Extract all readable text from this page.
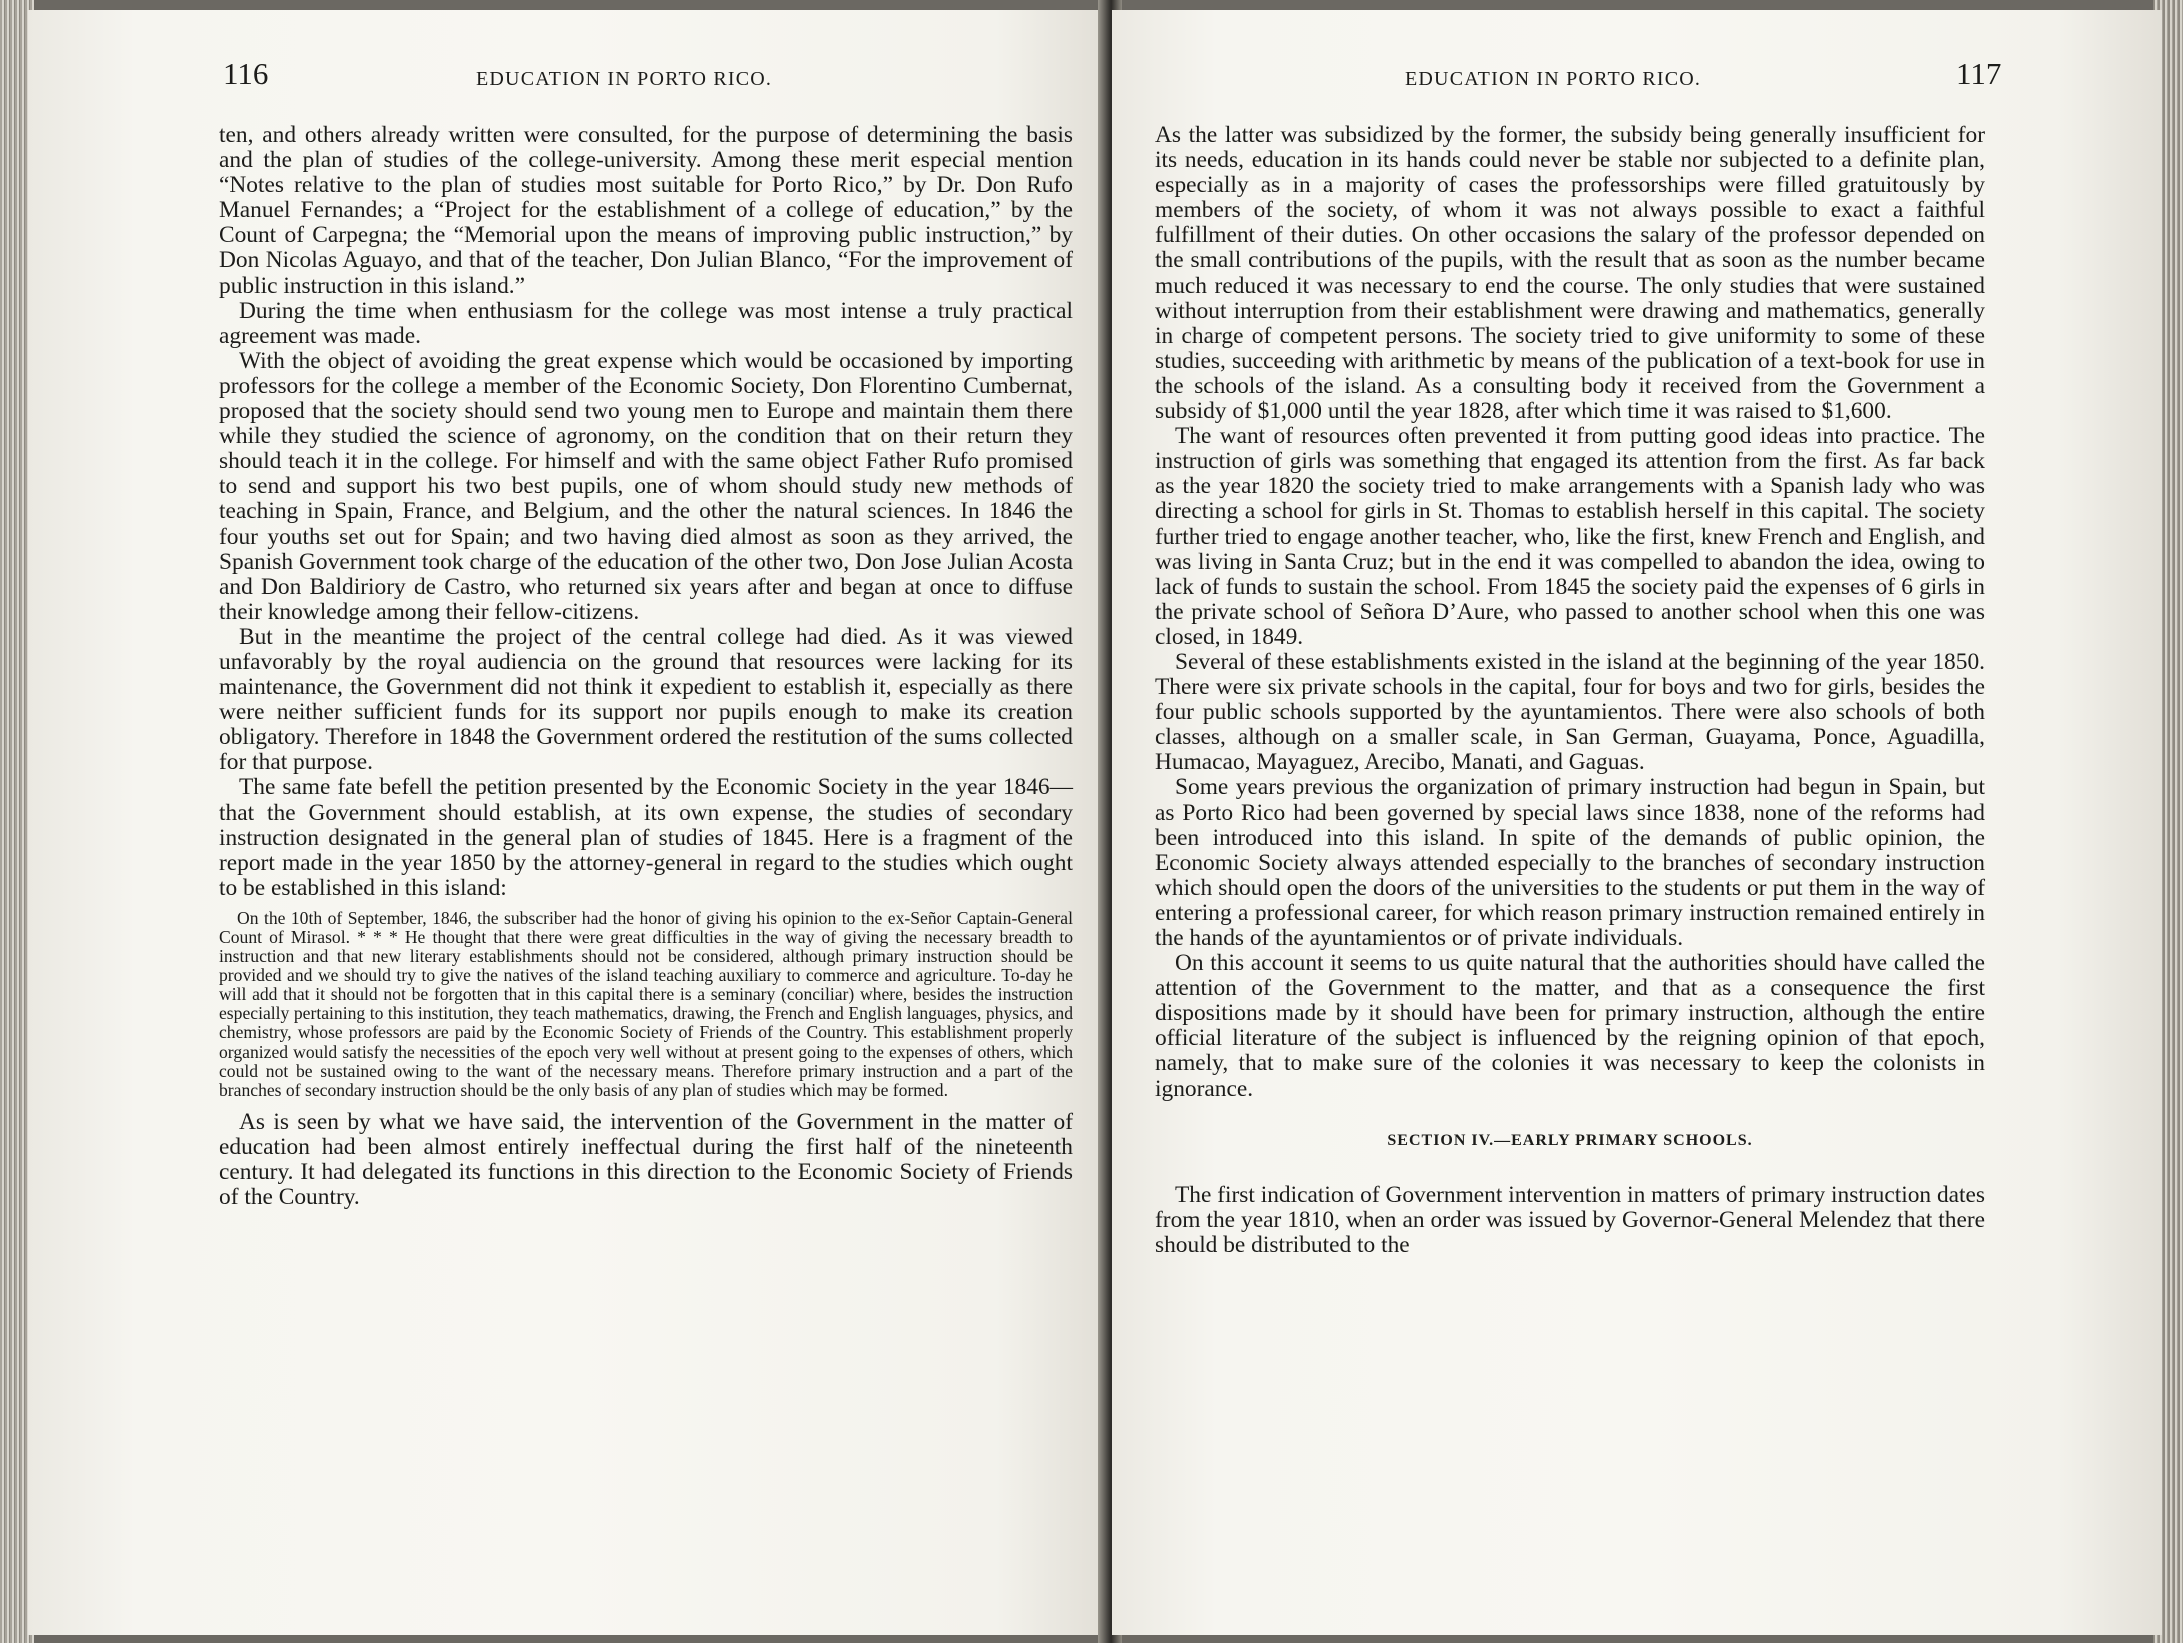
116	EDUCATION IN PORTO RICO.

ten, and others already written were consulted, for the purpose of determining the basis and the plan of studies of the college-university. Among these merit especial mention “Notes relative to the plan of studies most suitable for Porto Rico,” by Dr. Don Rufo Manuel Fernandes; a “Project for the establishment of a college of education,” by the Count of Carpegna; the “Memorial upon the means of improving public instruction,” by Don Nicolas Aguayo, and that of the teacher, Don Julian Blanco, “For the improvement of public instruction in this island.”

During the time when enthusiasm for the college was most intense a truly practical agreement was made.

With the object of avoiding the great expense which would be occasioned by importing professors for the college a member of the Economic Society, Don Florentino Cumbernat, proposed that the society should send two young men to Europe and maintain them there while they studied the science of agronomy, on the condition that on their return they should teach it in the college. For himself and with the same object Father Rufo promised to send and support his two best pupils, one of whom should study new methods of teaching in Spain, France, and Belgium, and the other the natural sciences. In 1846 the four youths set out for Spain; and two having died almost as soon as they arrived, the Spanish Government took charge of the education of the other two, Don Jose Julian Acosta and Don Baldiriory de Castro, who returned six years after and began at once to diffuse their knowledge among their fellow-citizens.

But in the meantime the project of the central college had died. As it was viewed unfavorably by the royal audiencia on the ground that resources were lacking for its maintenance, the Government did not think it expedient to establish it, especially as there were neither sufficient funds for its support nor pupils enough to make its creation obligatory. Therefore in 1848 the Government ordered the restitution of the sums collected for that purpose.

The same fate befell the petition presented by the Economic Society in the year 1846—that the Government should establish, at its own expense, the studies of secondary instruction designated in the general plan of studies of 1845. Here is a fragment of the report made in the year 1850 by the attorney-general in regard to the studies which ought to be established in this island:

On the 10th of September, 1846, the subscriber had the honor of giving his opinion to the ex-Señor Captain-General Count of Mirasol. * * * He thought that there were great difficulties in the way of giving the necessary breadth to instruction and that new literary establishments should not be considered, although primary instruction should be provided and we should try to give the natives of the island teaching auxiliary to commerce and agriculture. To-day he will add that it should not be forgotten that in this capital there is a seminary (conciliar) where, besides the instruction especially pertaining to this institution, they teach mathematics, drawing, the French and English languages, physics, and chemistry, whose professors are paid by the Economic Society of Friends of the Country. This establishment properly organized would satisfy the necessities of the epoch very well without at present going to the expenses of others, which could not be sustained owing to the want of the necessary means. Therefore primary instruction and a part of the branches of secondary instruction should be the only basis of any plan of studies which may be formed.

As is seen by what we have said, the intervention of the Government in the matter of education had been almost entirely ineffectual during the first half of the nineteenth century. It had delegated its functions in this direction to the Economic Society of Friends of the Country.

EDUCATION IN PORTO RICO.	117

As the latter was subsidized by the former, the subsidy being generally insufficient for its needs, education in its hands could never be stable nor subjected to a definite plan, especially as in a majority of cases the professorships were filled gratuitously by members of the society, of whom it was not always possible to exact a faithful fulfillment of their duties. On other occasions the salary of the professor depended on the small contributions of the pupils, with the result that as soon as the number became much reduced it was necessary to end the course. The only studies that were sustained without interruption from their establishment were drawing and mathematics, generally in charge of competent persons. The society tried to give uniformity to some of these studies, succeeding with arithmetic by means of the publication of a text-book for use in the schools of the island. As a consulting body it received from the Government a subsidy of $1,000 until the year 1828, after which time it was raised to $1,600.

The want of resources often prevented it from putting good ideas into practice. The instruction of girls was something that engaged its attention from the first. As far back as the year 1820 the society tried to make arrangements with a Spanish lady who was directing a school for girls in St. Thomas to establish herself in this capital. The society further tried to engage another teacher, who, like the first, knew French and English, and was living in Santa Cruz; but in the end it was compelled to abandon the idea, owing to lack of funds to sustain the school. From 1845 the society paid the expenses of 6 girls in the private school of Señora D’Aure, who passed to another school when this one was closed, in 1849.

Several of these establishments existed in the island at the beginning of the year 1850. There were six private schools in the capital, four for boys and two for girls, besides the four public schools supported by the ayuntamientos. There were also schools of both classes, although on a smaller scale, in San German, Guayama, Ponce, Aguadilla, Humacao, Mayaguez, Arecibo, Manati, and Gaguas.

Some years previous the organization of primary instruction had begun in Spain, but as Porto Rico had been governed by special laws since 1838, none of the reforms had been introduced into this island. In spite of the demands of public opinion, the Economic Society always attended especially to the branches of secondary instruction which should open the doors of the universities to the students or put them in the way of entering a professional career, for which reason primary instruction remained entirely in the hands of the ayuntamientos or of private individuals.

On this account it seems to us quite natural that the authorities should have called the attention of the Government to the matter, and that as a consequence the first dispositions made by it should have been for primary instruction, although the entire official literature of the subject is influenced by the reigning opinion of that epoch, namely, that to make sure of the colonies it was necessary to keep the colonists in ignorance.

SECTION IV.—EARLY PRIMARY SCHOOLS.

The first indication of Government intervention in matters of primary instruction dates from the year 1810, when an order was issued by Governor-General Melendez that there should be distributed to the
